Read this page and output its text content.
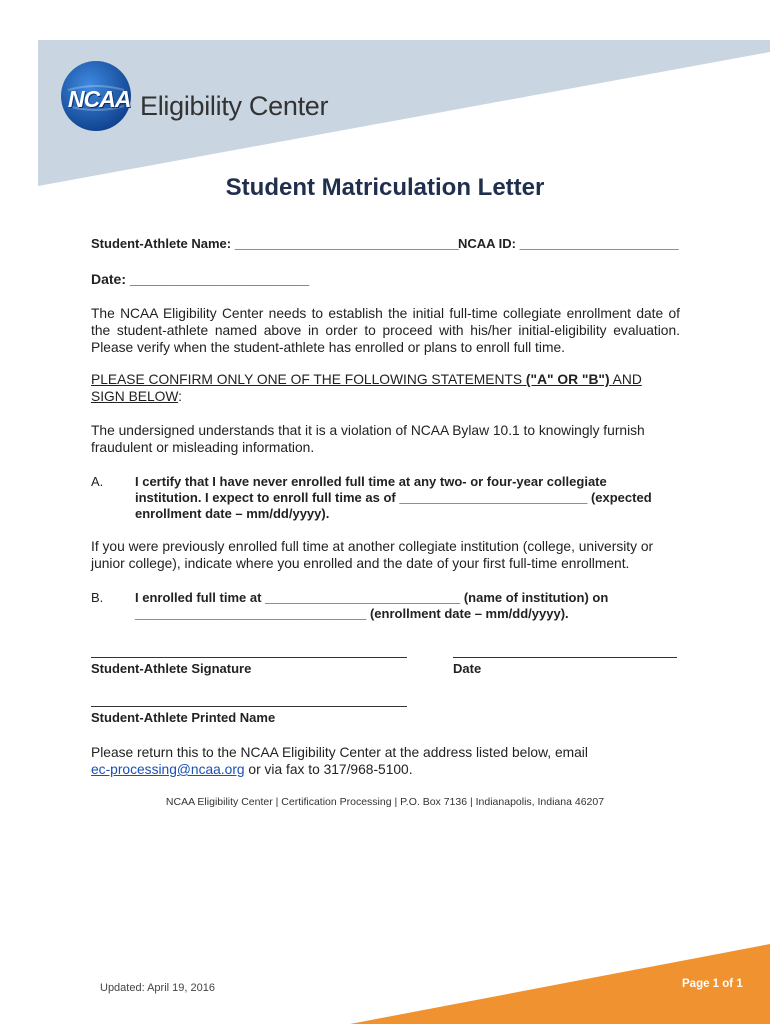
NCAA Eligibility Center
Student Matriculation Letter
Student-Athlete Name: _______________________________ NCAA ID: ______________________
Date: _______________________
The NCAA Eligibility Center needs to establish the initial full-time collegiate enrollment date of the student-athlete named above in order to proceed with his/her initial-eligibility evaluation. Please verify when the student-athlete has enrolled or plans to enroll full time.
PLEASE CONFIRM ONLY ONE OF THE FOLLOWING STATEMENTS ("A" OR "B") AND SIGN BELOW:
The undersigned understands that it is a violation of NCAA Bylaw 10.1 to knowingly furnish fraudulent or misleading information.
A. I certify that I have never enrolled full time at any two- or four-year collegiate
institution. I expect to enroll full time as of __________________________ (expected
enrollment date – mm/dd/yyyy).
If you were previously enrolled full time at another collegiate institution (college, university or junior college), indicate where you enrolled and the date of your first full-time enrollment.
B. I enrolled full time at ___________________________ (name of institution) on
________________________________ (enrollment date – mm/dd/yyyy).
Student-Athlete Signature	Date
Student-Athlete Printed Name
Please return this to the NCAA Eligibility Center at the address listed below, email
ec-processing@ncaa.org or via fax to 317/968-5100.
NCAA Eligibility Center | Certification Processing | P.O. Box 7136 | Indianapolis, Indiana 46207
Updated: April 19, 2016	Page 1 of 1
